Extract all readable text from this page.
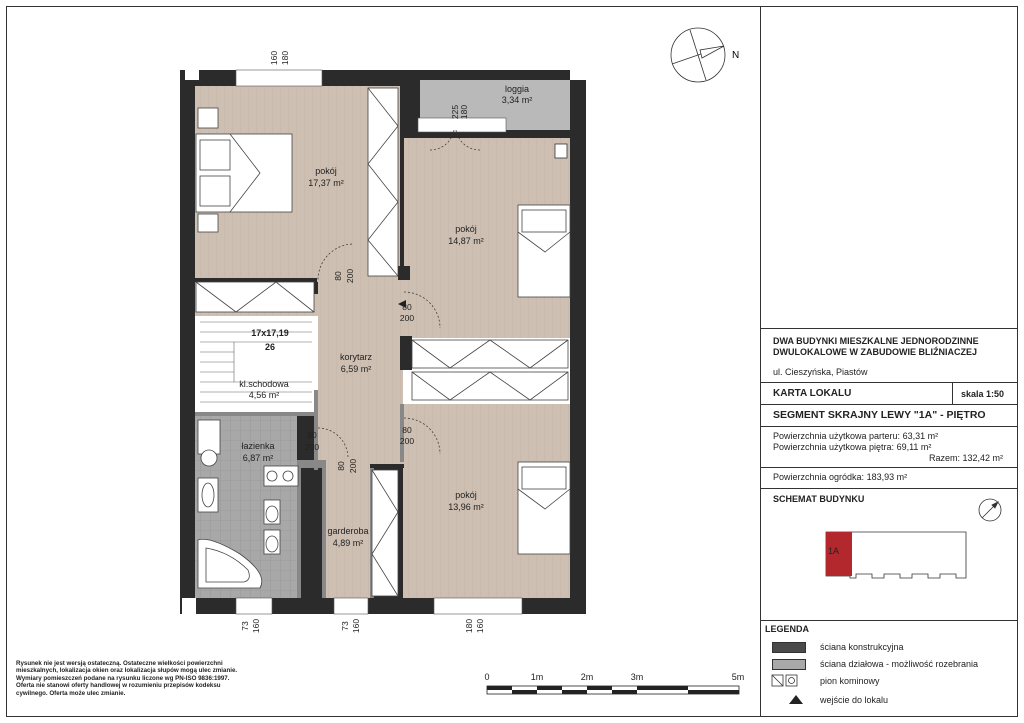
pokój
17,37 m²
pokój
14,87 m²
pokój
13,96 m²
loggia
3,34 m²
korytarz
6,59 m²
kl.schodowa
4,56 m²
łazienka
6,87 m²
garderoba
4,89 m²
17x17,19
26
180
160
180
225
80 200
80
200
80
200
80
200
80 200
73 160	73 160	180 160
N
0	1m	2m	3m	5m
Rysunek nie jest wersją ostateczną. Ostateczne wielkości powierzchni
mieszkalnych, lokalizacja okien oraz lokalizacja słupów mogą ulec zmianie.
Wymiary pomieszczeń podane na rysunku liczone wg PN-ISO 9836:1997.
Oferta nie stanowi oferty handlowej w rozumieniu przepisów kodeksu
cywilnego. Oferta może ulec zmianie.
DWA BUDYNKI MIESZKALNE JEDNORODZINNE
DWULOKALOWE W ZABUDOWIE BLIŹNIACZEJ
ul. Cieszyńska, Piastów
KARTA LOKALU	skala 1:50
SEGMENT SKRAJNY LEWY "1A" - PIĘTRO
Powierzchnia użytkowa parteru: 63,31 m²
Powierzchnia użytkowa piętra: 69,11 m²
Razem: 132,42 m²
Powierzchnia ogródka: 183,93 m²
SCHEMAT BUDYNKU
LEGENDA
1A
ściana konstrukcyjna
ściana działowa - możliwość rozebrania
pion kominowy
wejście do lokalu
